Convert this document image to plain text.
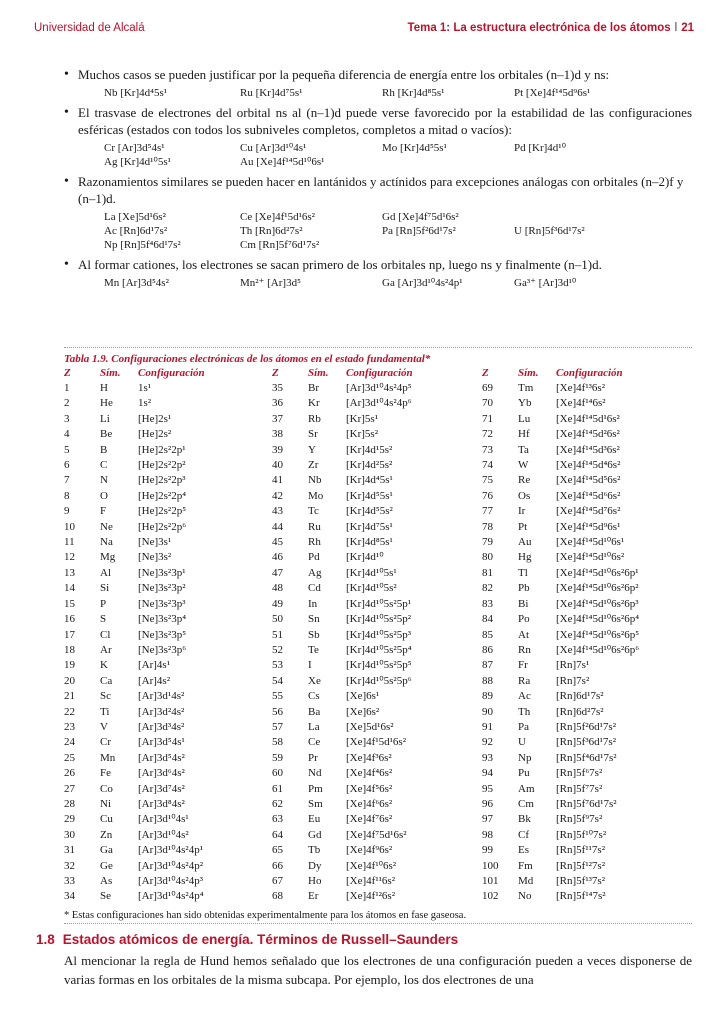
Universidad de Alcalá	Tema 1: La estructura electrónica de los átomos l 21
• Muchos casos se pueden justificar por la pequeña diferencia de energía entre los orbitales (n–1)d y ns:
Nb [Kr]4d⁴5s¹	Ru [Kr]4d⁷5s¹	Rh [Kr]4d⁸5s¹	Pt [Xe]4f¹⁴5d⁹6s¹
• El trasvase de electrones del orbital ns al (n–1)d puede verse favorecido por la estabilidad de las configuraciones esféricas (estados con todos los subniveles completos, completos a mitad o vacíos):
Cr [Ar]3d⁵4s¹	Cu [Ar]3d¹⁰4s¹	Mo [Kr]4d⁵5s¹	Pd [Kr]4d¹⁰
Ag [Kr]4d¹⁰5s¹	Au [Xe]4f¹⁴5d¹⁰6s¹
• Razonamientos similares se pueden hacer en lantánidos y actínidos para excepciones análogas con orbitales (n–2)f y (n–1)d.
La [Xe]5d¹6s²	Ce [Xe]4f¹5d¹6s²	Gd [Xe]4f⁷5d¹6s²
Ac [Rn]6d¹7s²	Th [Rn]6d²7s²	Pa [Rn]5f²6d¹7s²	U [Rn]5f³6d¹7s²
Np [Rn]5f⁴6d¹7s²	Cm [Rn]5f⁷6d¹7s²
• Al formar cationes, los electrones se sacan primero de los orbitales np, luego ns y finalmente (n–1)d.
Mn [Ar]3d⁵4s²	Mn²⁺ [Ar]3d⁵	Ga [Ar]3d¹⁰4s²4p¹	Ga³⁺ [Ar]3d¹⁰
Tabla 1.9. Configuraciones electrónicas de los átomos en el estado fundamental*
Z	Sím.	Configuración	Z	Sím.	Configuración	Z	Sím.	Configuración
1	H	1s¹	35	Br	[Ar]3d¹⁰4s²4p⁵	69	Tm	[Xe]4f¹³6s²
2	He	1s²	36	Kr	[Ar]3d¹⁰4s²4p⁶	70	Yb	[Xe]4f¹⁴6s²
3	Li	[He]2s¹	37	Rb	[Kr]5s¹	71	Lu	[Xe]4f¹⁴5d¹6s²
4	Be	[He]2s²	38	Sr	[Kr]5s²	72	Hf	[Xe]4f¹⁴5d²6s²
5	B	[He]2s²2p¹	39	Y	[Kr]4d¹5s²	73	Ta	[Xe]4f¹⁴5d³6s²
6	C	[He]2s²2p²	40	Zr	[Kr]4d²5s²	74	W	[Xe]4f¹⁴5d⁴6s²
7	N	[He]2s²2p³	41	Nb	[Kr]4d⁴5s¹	75	Re	[Xe]4f¹⁴5d⁵6s²
8	O	[He]2s²2p⁴	42	Mo	[Kr]4d⁵5s¹	76	Os	[Xe]4f¹⁴5d⁶6s²
9	F	[He]2s²2p⁵	43	Tc	[Kr]4d⁵5s²	77	Ir	[Xe]4f¹⁴5d⁷6s²
10	Ne	[He]2s²2p⁶	44	Ru	[Kr]4d⁷5s¹	78	Pt	[Xe]4f¹⁴5d⁹6s¹
11	Na	[Ne]3s¹	45	Rh	[Kr]4d⁸5s¹	79	Au	[Xe]4f¹⁴5d¹⁰6s¹
12	Mg	[Ne]3s²	46	Pd	[Kr]4d¹⁰	80	Hg	[Xe]4f¹⁴5d¹⁰6s²
13	Al	[Ne]3s²3p¹	47	Ag	[Kr]4d¹⁰5s¹	81	Tl	[Xe]4f¹⁴5d¹⁰6s²6p¹
14	Si	[Ne]3s²3p²	48	Cd	[Kr]4d¹⁰5s²	82	Pb	[Xe]4f¹⁴5d¹⁰6s²6p²
15	P	[Ne]3s²3p³	49	In	[Kr]4d¹⁰5s²5p¹	83	Bi	[Xe]4f¹⁴5d¹⁰6s²6p³
16	S	[Ne]3s²3p⁴	50	Sn	[Kr]4d¹⁰5s²5p²	84	Po	[Xe]4f¹⁴5d¹⁰6s²6p⁴
17	Cl	[Ne]3s²3p⁵	51	Sb	[Kr]4d¹⁰5s²5p³	85	At	[Xe]4f¹⁴5d¹⁰6s²6p⁵
18	Ar	[Ne]3s²3p⁶	52	Te	[Kr]4d¹⁰5s²5p⁴	86	Rn	[Xe]4f¹⁴5d¹⁰6s²6p⁶
19	K	[Ar]4s¹	53	I	[Kr]4d¹⁰5s²5p⁵	87	Fr	[Rn]7s¹
20	Ca	[Ar]4s²	54	Xe	[Kr]4d¹⁰5s²5p⁶	88	Ra	[Rn]7s²
21	Sc	[Ar]3d¹4s²	55	Cs	[Xe]6s¹	89	Ac	[Rn]6d¹7s²
22	Ti	[Ar]3d²4s²	56	Ba	[Xe]6s²	90	Th	[Rn]6d²7s²
23	V	[Ar]3d³4s²	57	La	[Xe]5d¹6s²	91	Pa	[Rn]5f²6d¹7s²
24	Cr	[Ar]3d⁵4s¹	58	Ce	[Xe]4f¹5d¹6s²	92	U	[Rn]5f³6d¹7s²
25	Mn	[Ar]3d⁵4s²	59	Pr	[Xe]4f³6s²	93	Np	[Rn]5f⁴6d¹7s²
26	Fe	[Ar]3d⁶4s²	60	Nd	[Xe]4f⁴6s²	94	Pu	[Rn]5f⁶7s²
27	Co	[Ar]3d⁷4s²	61	Pm	[Xe]4f⁵6s²	95	Am	[Rn]5f⁷7s²
28	Ni	[Ar]3d⁸4s²	62	Sm	[Xe]4f⁶6s²	96	Cm	[Rn]5f⁷6d¹7s²
29	Cu	[Ar]3d¹⁰4s¹	63	Eu	[Xe]4f⁷6s²	97	Bk	[Rn]5f⁹7s²
30	Zn	[Ar]3d¹⁰4s²	64	Gd	[Xe]4f⁷5d¹6s²	98	Cf	[Rn]5f¹⁰7s²
31	Ga	[Ar]3d¹⁰4s²4p¹	65	Tb	[Xe]4f⁹6s²	99	Es	[Rn]5f¹¹7s²
32	Ge	[Ar]3d¹⁰4s²4p²	66	Dy	[Xe]4f¹⁰6s²	100	Fm	[Rn]5f¹²7s²
33	As	[Ar]3d¹⁰4s²4p³	67	Ho	[Xe]4f¹¹6s²	101	Md	[Rn]5f¹³7s²
34	Se	[Ar]3d¹⁰4s²4p⁴	68	Er	[Xe]4f¹²6s²	102	No	[Rn]5f¹⁴7s²
* Estas configuraciones han sido obtenidas experimentalmente para los átomos en fase gaseosa.
1.8 Estados atómicos de energía. Términos de Russell–Saunders

Al mencionar la regla de Hund hemos señalado que los electrones de una configuración pueden a veces disponerse de varias formas en los orbitales de la misma subcapa. Por ejemplo, los dos electrones de una
